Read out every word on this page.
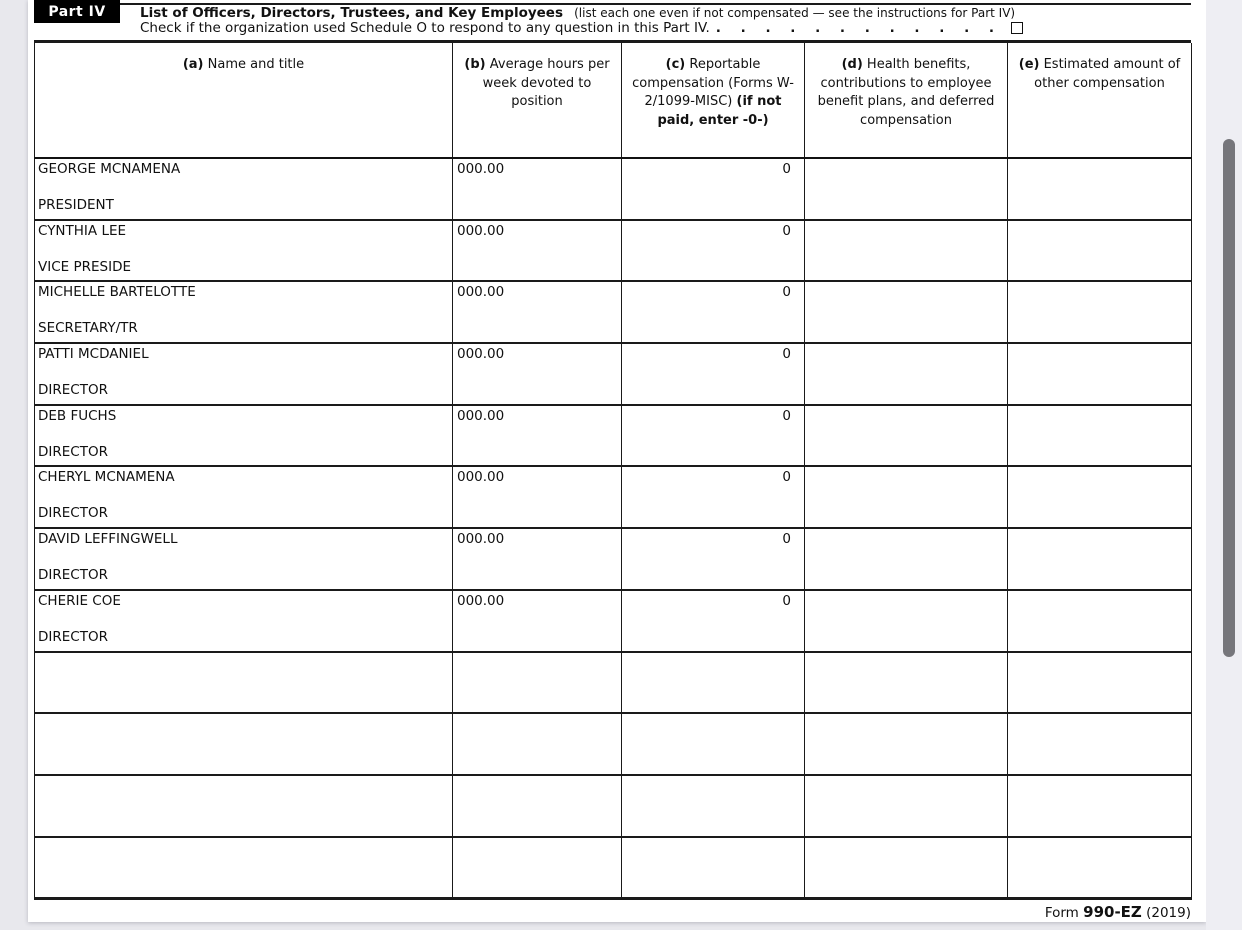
Part IV	List of Officers, Directors, Trustees, and Key Employees (list each one even if not compensated — see the instructions for Part IV)
Check if the organization used Schedule O to respond to any question in this Part IV. . . . . . . . . . . . .
(a) Name and title	(b) Average hours per week devoted to position	(c) Reportable compensation (Forms W-2/1099-MISC) (if not paid, enter -0-)	(d) Health benefits, contributions to employee benefit plans, and deferred compensation	(e) Estimated amount of other compensation

GEORGE MCNAMENA
PRESIDENT	000.00	0		

CYNTHIA LEE
VICE PRESIDE	000.00	0		

MICHELLE BARTELOTTE
SECRETARY/TR	000.00	0		

PATTI MCDANIEL
DIRECTOR	000.00	0		

DEB FUCHS
DIRECTOR	000.00	0		

CHERYL MCNAMENA
DIRECTOR	000.00	0		

DAVID LEFFINGWELL
DIRECTOR	000.00	0		

CHERIE COE
DIRECTOR	000.00	0		

Form 990-EZ (2019)
